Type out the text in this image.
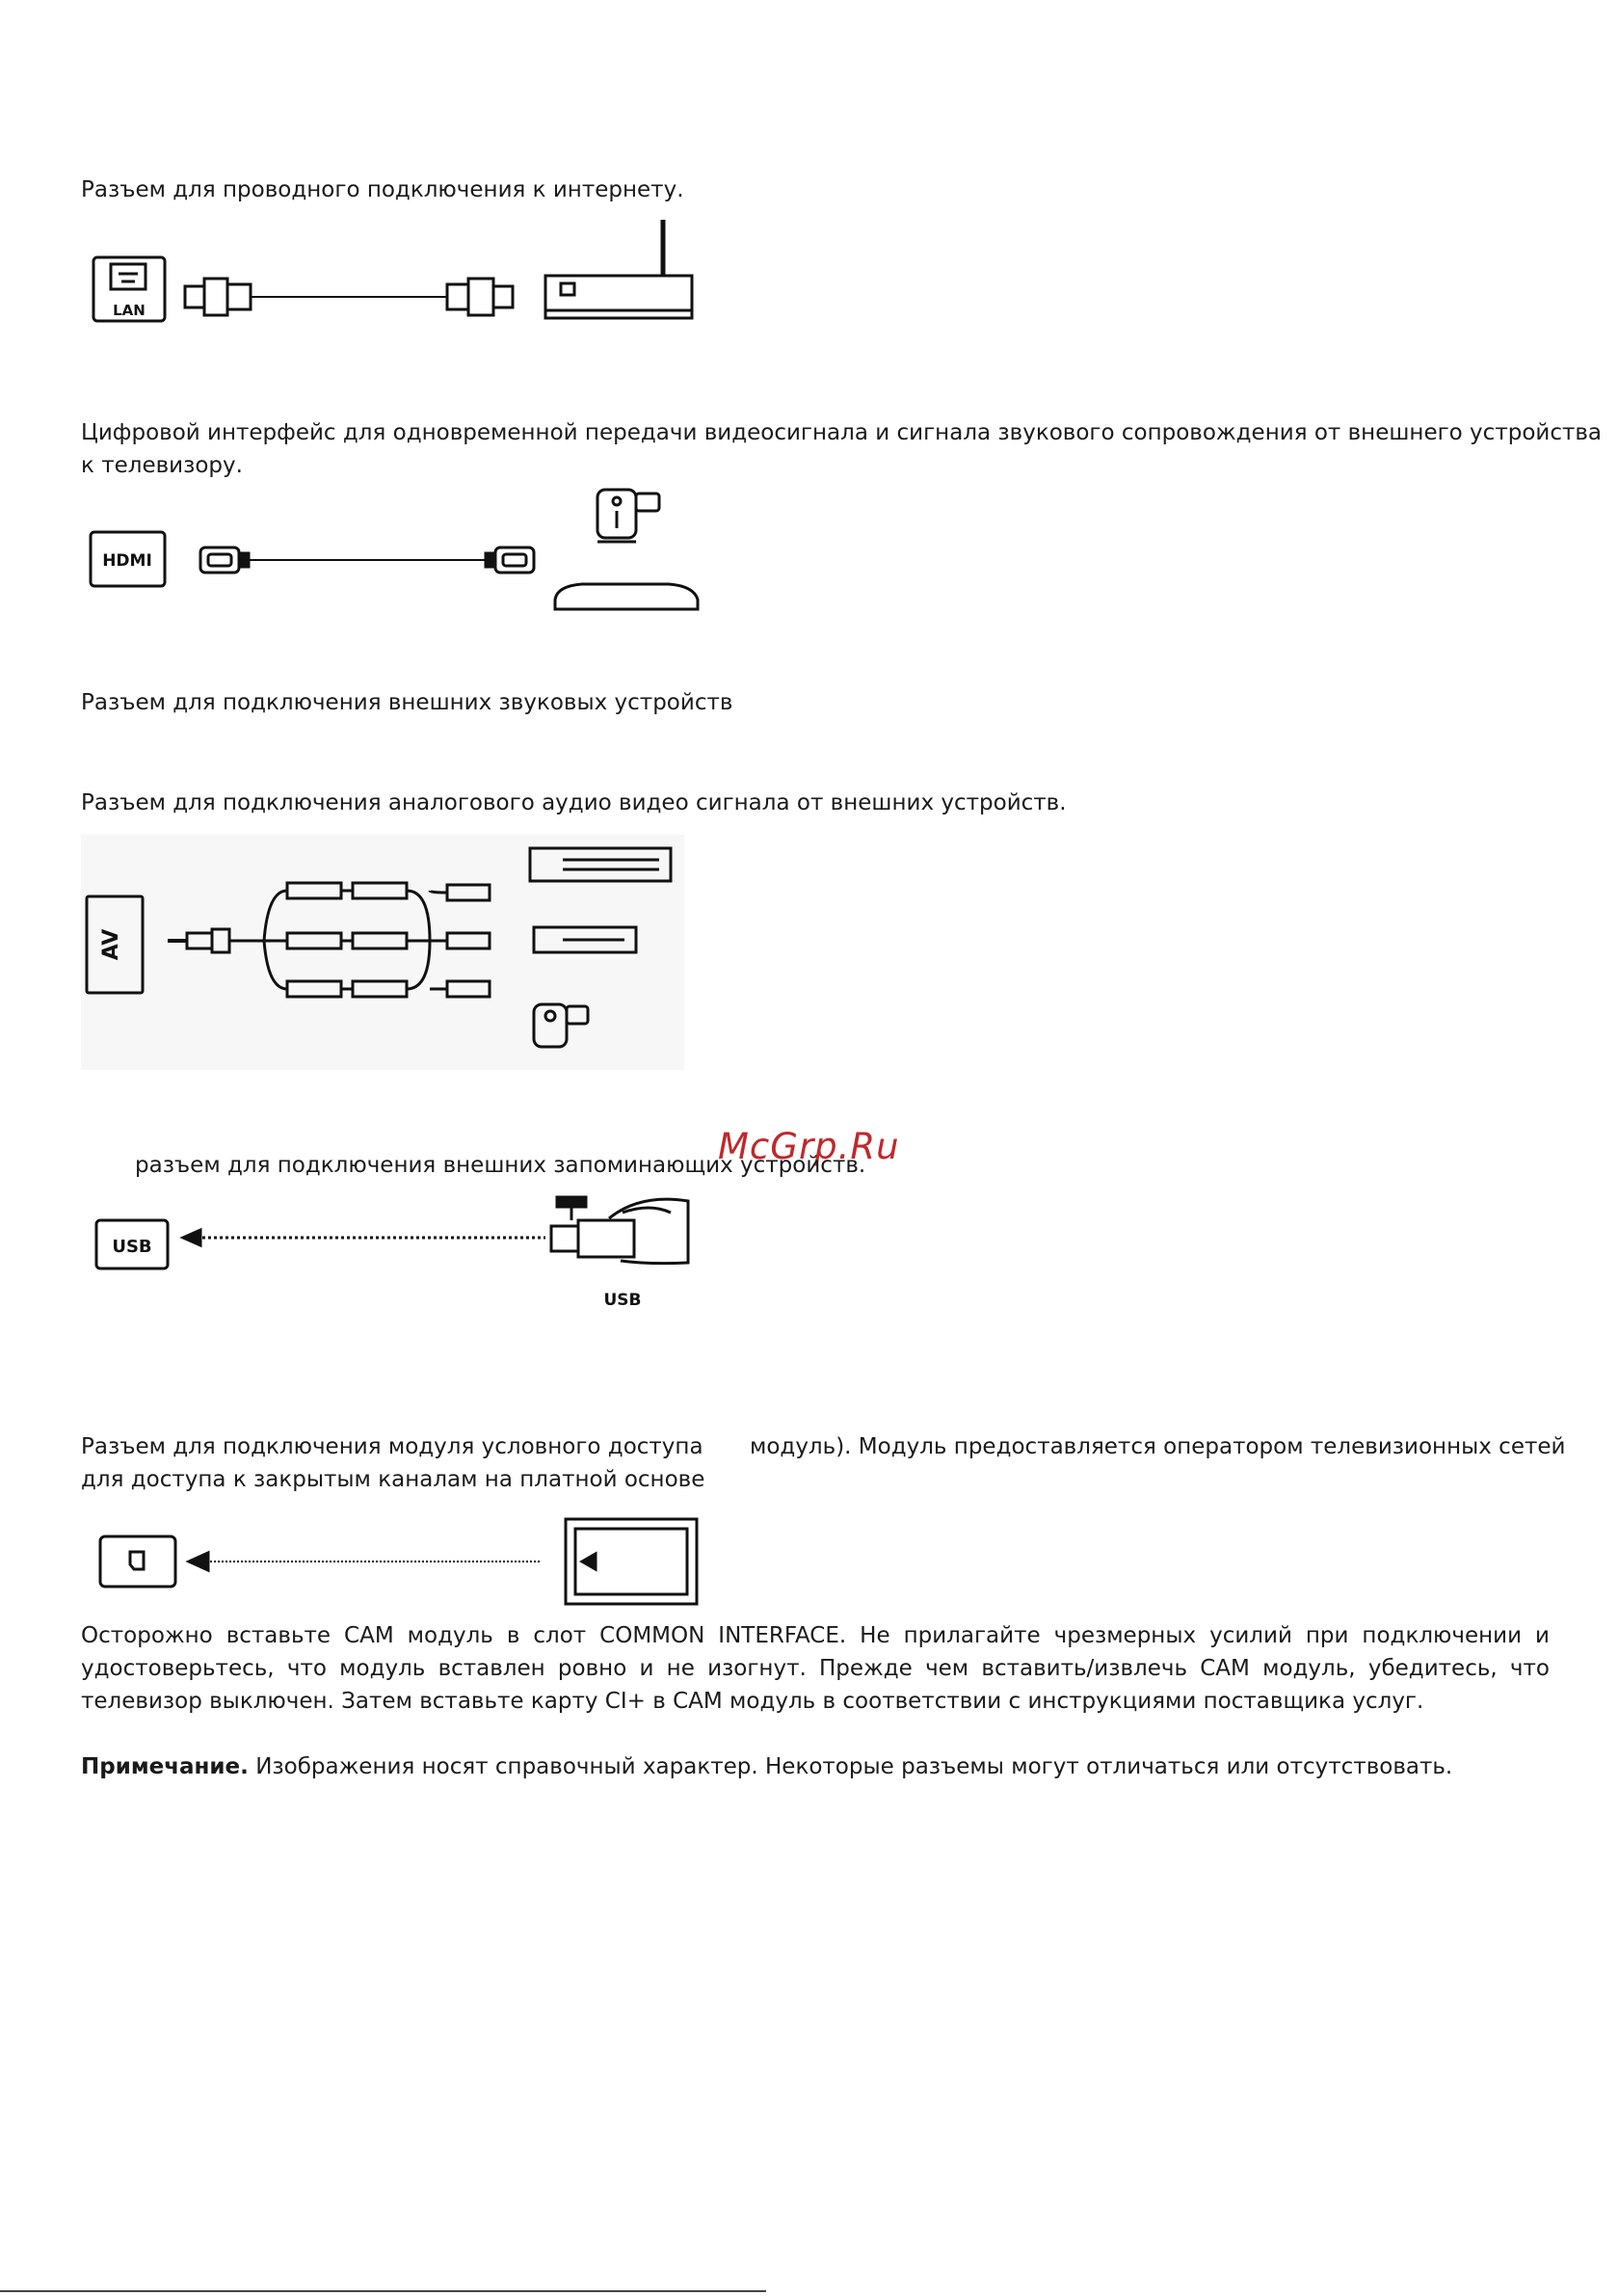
Разъем для проводного подключения к интернету.

LAN

Цифровой интерфейс для одновременной передачи видеосигнала и сигнала звукового сопровождения от внешнего устройства

к телевизору.

HDMI

Разъем для подключения внешних звуковых устройств

Разъем для подключения аналогового аудио видео сигнала от внешних устройств.

AV
McGrp.Ru

разъем для подключения внешних запоминающих устройств.

USB
USB

Разъем для подключения модуля условного доступа модуль). Модуль предоставляется оператором телевизионных сетей

для доступа к закрытым каналам на платной основе

Осторожно вставьте CAM модуль в слот COMMON INTERFACE. Не прилагайте чрезмерных усилий при подключении и удостоверьтесь, что модуль вставлен ровно и не изогнут. Прежде чем вставить/извлечь CAM модуль, убедитесь, что телевизор выключен. Затем вставьте карту CI+ в CAM модуль в соответствии с инструкциями поставщика услуг.

Примечание. Изображения носят справочный характер. Некоторые разъемы могут отличаться или отсутствовать.
